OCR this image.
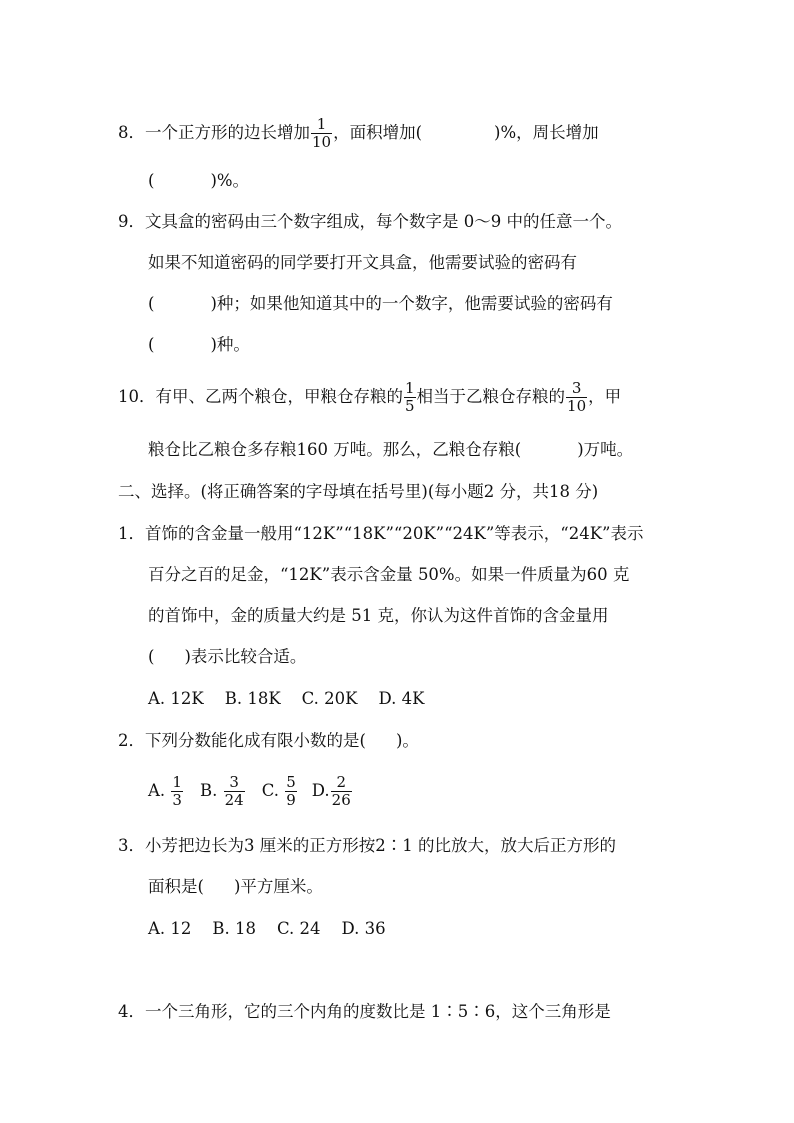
8．一个正方形的边长增加 $\frac{1}{10}$ ，面积增加(	)%，周长增加
(	)%。
9．文具盒的密码由三个数字组成，每个数字是 0～9 中的任意一个。
如果不知道密码的同学要打开文具盒，他需要试验的密码有
(	)种；如果他知道其中的一个数字，他需要试验的密码有
(	)种。
10．有甲、乙两个粮仓，甲粮仓存粮的 $\frac{1}{5}$ 相当于乙粮仓存粮的 $\frac{3}{10}$ ，甲
粮仓比乙粮仓多存粮160 万吨。那么，乙粮仓存粮(	)万吨。
二、选择。(将正确答案的字母填在括号里)(每小题2 分，共18 分)
1．首饰的含金量一般用“12K”“18K”“20K”“24K”等表示，“24K”表示
百分之百的足金，“12K”表示含金量 50%。如果一件质量为60 克
的首饰中，金的质量大约是 51 克，你认为这件首饰的含金量用
( )表示比较合适。
A. 12K    B. 18K    C. 20K    D. 4K
2．下列分数能化成有限小数的是( )。
A. $\frac{1}{3} B$. $\frac{3}{24} C$. $\frac{5}{9} D$. $\frac{2}{26}$
3．小芳把边长为3 厘米的正方形按2∶1 的比放大，放大后正方形的
面积是( )平方厘米。
A. 12    B. 18    C. 24    D. 36
4．一个三角形，它的三个内角的度数比是 1∶5∶6，这个三角形是
